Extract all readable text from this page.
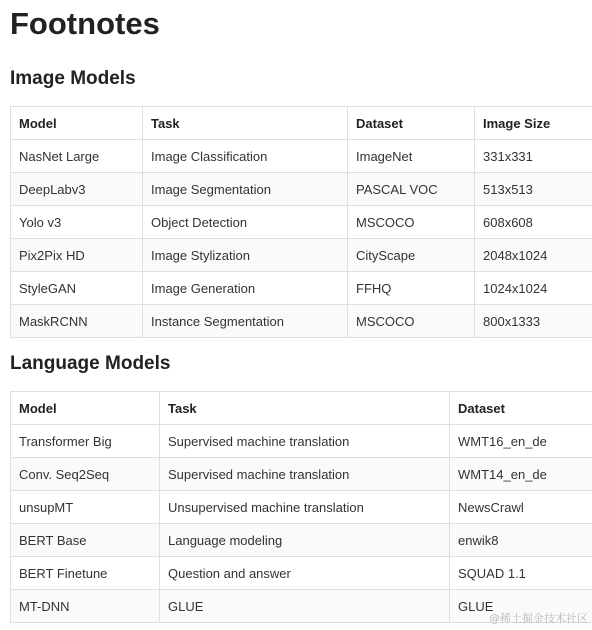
Footnotes
Image Models
Model	Task	Dataset	Image Size
NasNet Large	Image Classification	ImageNet	331x331
DeepLabv3	Image Segmentation	PASCAL VOC	513x513
Yolo v3	Object Detection	MSCOCO	608x608
Pix2Pix HD	Image Stylization	CityScape	2048x1024
StyleGAN	Image Generation	FFHQ	1024x1024
MaskRCNN	Instance Segmentation	MSCOCO	800x1333
Language Models
Model	Task	Dataset
Transformer Big	Supervised machine translation	WMT16_en_de
Conv. Seq2Seq	Supervised machine translation	WMT14_en_de
unsupMT	Unsupervised machine translation	NewsCrawl
BERT Base	Language modeling	enwik8
BERT Finetune	Question and answer	SQUAD 1.1
MT-DNN	GLUE	GLUE
@稀土掘金技术社区
